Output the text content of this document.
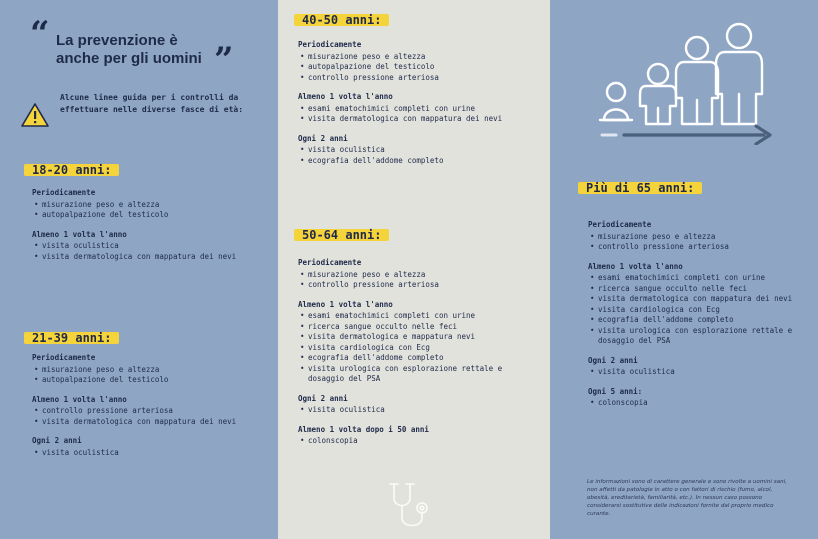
“ La prevenzione è
anche per gli uomini ”
Alcune linee guida per i controlli da effettuare nelle diverse fasce di età:
18-20 anni:
Periodicamente
• misurazione peso e altezza
• autopalpazione del testicolo
Almeno 1 volta l'anno
• visita oculistica
• visita dermatologica con mappatura dei nevi
21-39 anni:
Periodicamente
• misurazione peso e altezza
• autopalpazione del testicolo
Almeno 1 volta l'anno
• controllo pressione arteriosa
• visita dermatologica con mappatura dei nevi
Ogni 2 anni
• visita oculistica
40-50 anni:
Periodicamente
• misurazione peso e altezza
• autopalpazione del testicolo
• controllo pressione arteriosa
Almeno 1 volta l'anno
• esami ematochimici completi con urine
• visita dermatologica con mappatura dei nevi
Ogni 2 anni
• visita oculistica
• ecografia dell'addome completo
50-64 anni:
Periodicamente
• misurazione peso e altezza
• controllo pressione arteriosa
Almeno 1 volta l'anno
• esami ematochimici completi con urine
• ricerca sangue occulto nelle feci
• visita dermatologica e mappatura nevi
• visita cardiologica con Ecg
• ecografia dell'addome completo
• visita urologica con esplorazione rettale e dosaggio del PSA
Ogni 2 anni
• visita oculistica
Almeno 1 volta dopo i 50 anni
• colonscopia
Più di 65 anni:
Periodicamente
• misurazione peso e altezza
• controllo pressione arteriosa
Almeno 1 volta l'anno
• esami ematochimici completi con urine
• ricerca sangue occulto nelle feci
• visita dermatologica con mappatura dei nevi
• visita cardiologica con Ecg
• ecografia dell'addome completo
• visita urologica con esplorazione rettale e dosaggio del PSA
Ogni 2 anni
• visita oculistica
Ogni 5 anni:
• colonscopia
Le informazioni sono di carattere generale e sono rivolte a uomini sani, non affetti da patologie in atto o con fattori di rischio (fumo, alcol, obesità, ereditarietà, familiarità, etc.). In nessun caso possono considerarsi sostitutive delle indicazioni fornite dal proprio medico curante.
